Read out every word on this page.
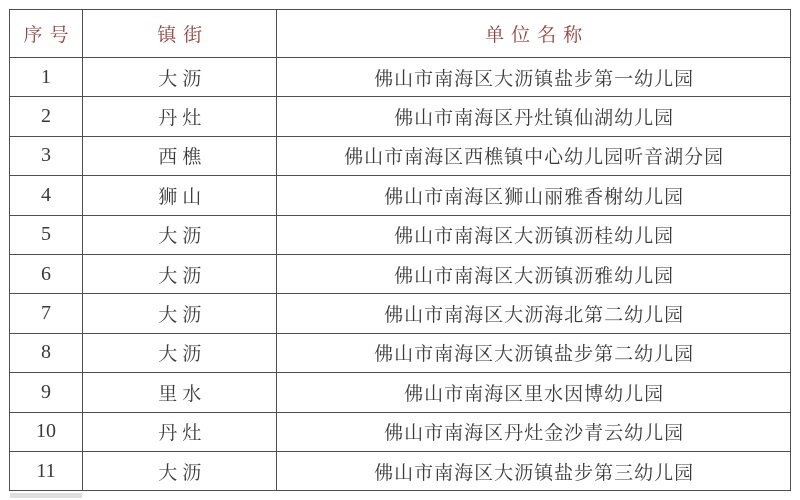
序号	镇街	单位名称
1	大沥	佛山市南海区大沥镇盐步第一幼儿园
2	丹灶	佛山市南海区丹灶镇仙湖幼儿园
3	西樵	佛山市南海区西樵镇中心幼儿园听音湖分园
4	狮山	佛山市南海区狮山丽雅香榭幼儿园
5	大沥	佛山市南海区大沥镇沥桂幼儿园
6	大沥	佛山市南海区大沥镇沥雅幼儿园
7	大沥	佛山市南海区大沥海北第二幼儿园
8	大沥	佛山市南海区大沥镇盐步第二幼儿园
9	里水	佛山市南海区里水因博幼儿园
10	丹灶	佛山市南海区丹灶金沙青云幼儿园
11	大沥	佛山市南海区大沥镇盐步第三幼儿园
